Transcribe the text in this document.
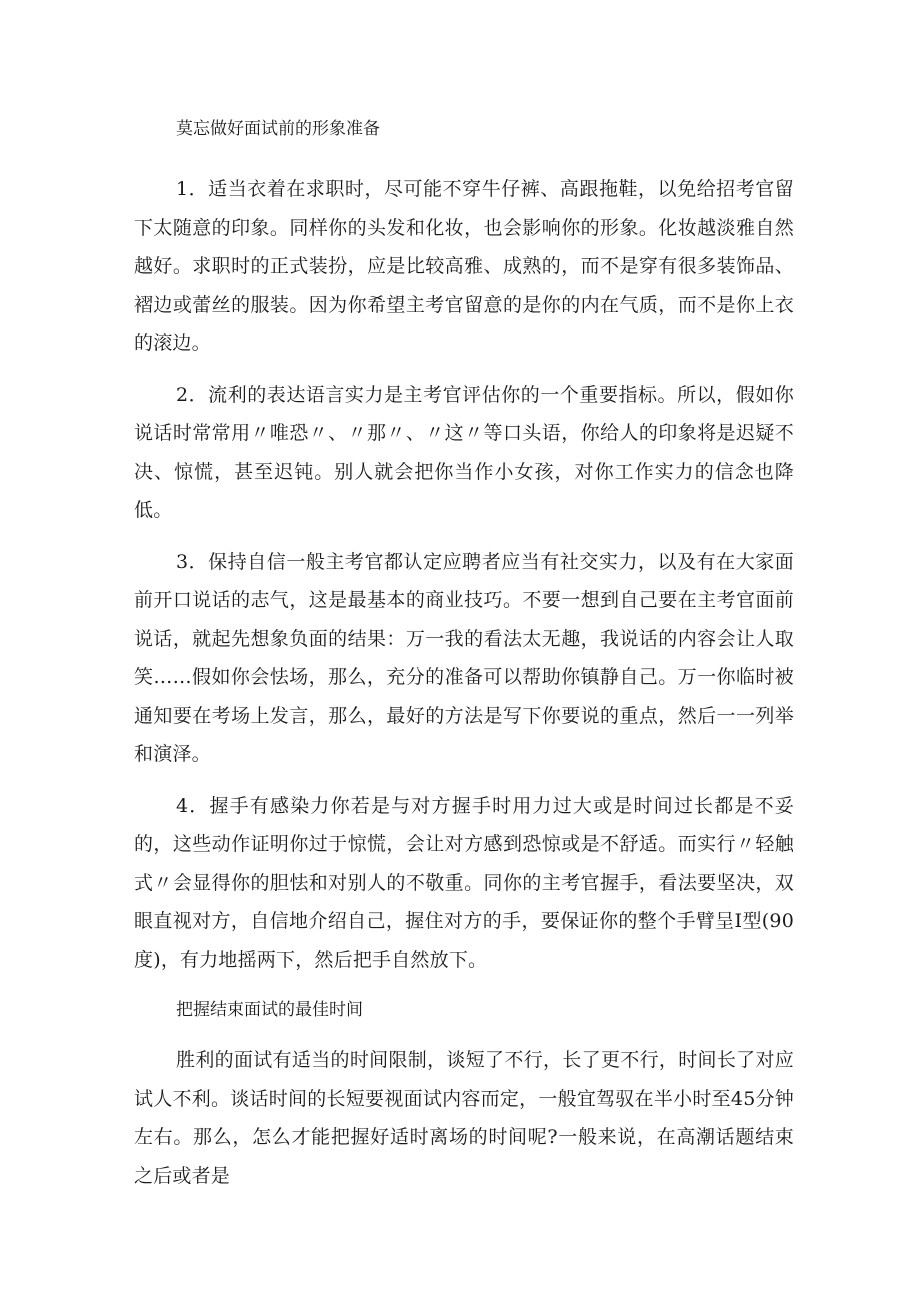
莫忘做好面试前的形象准备

1．适当衣着在求职时，尽可能不穿牛仔裤、高跟拖鞋，以免给招考官留下太随意的印象。同样你的头发和化妆，也会影响你的形象。化妆越淡雅自然越好。求职时的正式装扮，应是比较高雅、成熟的，而不是穿有很多装饰品、褶边或蕾丝的服装。因为你希望主考官留意的是你的内在气质，而不是你上衣的滚边。

2．流利的表达语言实力是主考官评估你的一个重要指标。所以，假如你说话时常常用〃唯恐〃、〃那〃、〃这〃等口头语，你给人的印象将是迟疑不决、惊慌，甚至迟钝。别人就会把你当作小女孩，对你工作实力的信念也降低。

3．保持自信一般主考官都认定应聘者应当有社交实力，以及有在大家面前开口说话的志气，这是最基本的商业技巧。不要一想到自己要在主考官面前说话，就起先想象负面的结果：万一我的看法太无趣，我说话的内容会让人取笑……假如你会怯场，那么，充分的准备可以帮助你镇静自己。万一你临时被通知要在考场上发言，那么，最好的方法是写下你要说的重点，然后一一列举和演泽。

4．握手有感染力你若是与对方握手时用力过大或是时间过长都是不妥的，这些动作证明你过于惊慌，会让对方感到恐惊或是不舒适。而实行〃轻触式〃会显得你的胆怯和对别人的不敬重。同你的主考官握手，看法要坚决，双眼直视对方，自信地介绍自己，握住对方的手，要保证你的整个手臂呈I型(90度)，有力地摇两下，然后把手自然放下。

把握结束面试的最佳时间

胜利的面试有适当的时间限制，谈短了不行，长了更不行，时间长了对应试人不利。谈话时间的长短要视面试内容而定，一般宜驾驭在半小时至45分钟左右。那么，怎么才能把握好适时离场的时间呢?一般来说，在高潮话题结束之后或者是
